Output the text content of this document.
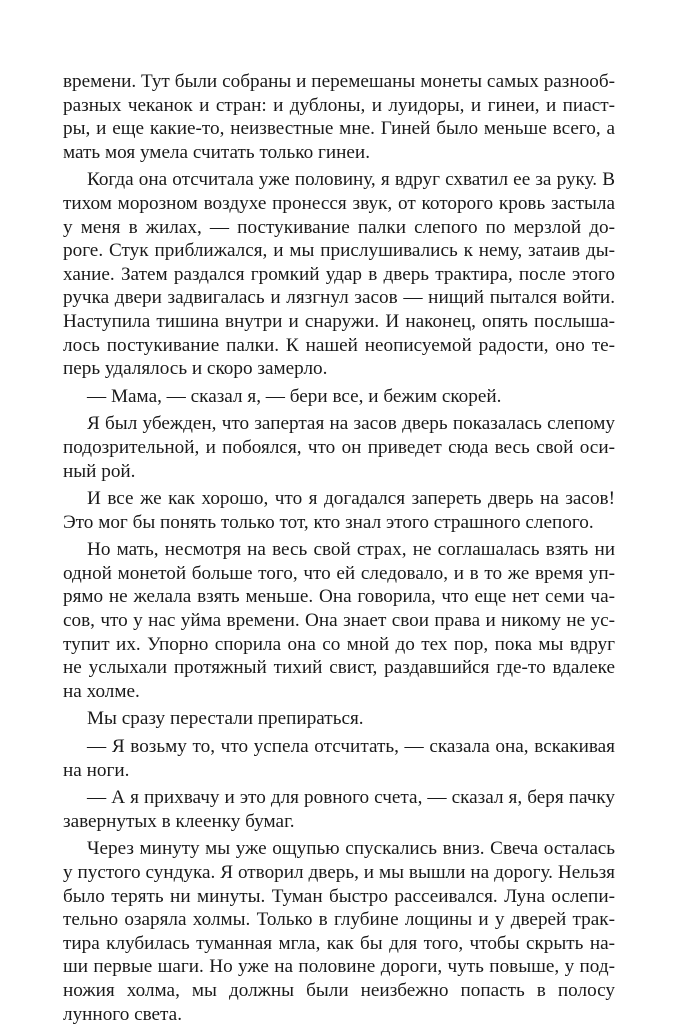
времени. Тут были собраны и перемешаны монеты самых разнообразных чеканок и стран: и дублоны, и луидоры, и гинеи, и пиастры, и еще какие-то, неизвестные мне. Гиней было меньше всего, а мать моя умела считать только гинеи.

Когда она отсчитала уже половину, я вдруг схватил ее за руку. В тихом морозном воздухе пронесся звук, от которого кровь застыла у меня в жилах, — постукивание палки слепого по мерзлой дороге. Стук приближался, и мы прислушивались к нему, затаив дыхание. Затем раздался громкий удар в дверь трактира, после этого ручка двери задвигалась и лязгнул засов — нищий пытался войти. Наступила тишина внутри и снаружи. И наконец, опять послышалось постукивание палки. К нашей неописуемой радости, оно теперь удалялось и скоро замерло.

— Мама, — сказал я, — бери все, и бежим скорей.

Я был убежден, что запертая на засов дверь показалась слепому подозрительной, и побоялся, что он приведет сюда весь свой осиный рой.

И все же как хорошо, что я догадался запереть дверь на засов! Это мог бы понять только тот, кто знал этого страшного слепого.

Но мать, несмотря на весь свой страх, не соглашалась взять ни одной монетой больше того, что ей следовало, и в то же время упрямо не желала взять меньше. Она говорила, что еще нет семи часов, что у нас уйма времени. Она знает свои права и никому не уступит их. Упорно спорила она со мной до тех пор, пока мы вдруг не услыхали протяжный тихий свист, раздавшийся где-то вдалеке на холме.

Мы сразу перестали препираться.

— Я возьму то, что успела отсчитать, — сказала она, вскакивая на ноги.

— А я прихвачу и это для ровного счета, — сказал я, беря пачку завернутых в клеенку бумаг.

Через минуту мы уже ощупью спускались вниз. Свеча осталась у пустого сундука. Я отворил дверь, и мы вышли на дорогу. Нельзя было терять ни минуты. Туман быстро рассеивался. Луна ослепительно озаряла холмы. Только в глубине лощины и у дверей трактира клубилась туманная мгла, как бы для того, чтобы скрыть наши первые шаги. Но уже на половине дороги, чуть повыше, у подножия холма, мы должны были неизбежно попасть в полосу лунного света.
